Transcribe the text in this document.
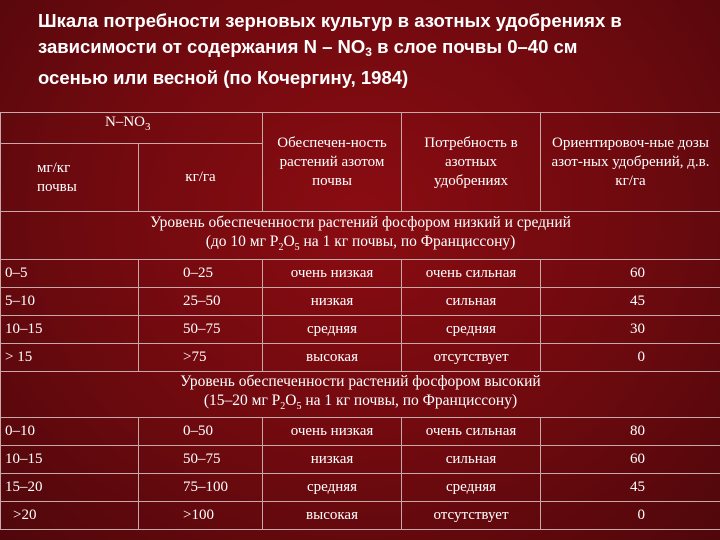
Шкала потребности зерновых культур в азотных удобрениях в
зависимости от содержания N – $NO_3$ в слое почвы 0–40 см
осенью или весной (по Кочергину, 1984)
$N-NO_3$		Обеспечен-ность растений азотом почвы	Потребность в азотных удобрениях	Ориентировоч-ные дозы азот-ных удобрений, д.в. кг/га
мг/кг почвы	кг/га			

Уровень обеспеченности растений фосфором низкий и средний
(до 10 мг $Р_2О_5$ на 1 кг почвы, по Франциссону)				

0–5	0–25	очень низкая	очень сильная	60
5–10	25–50	низкая	сильная	45
10–15	50–75	средняя	средняя	30
> 15	>75	высокая	отсутствует	0

Уровень обеспеченности растений фосфором высокий
(15–20 мг $Р_2О_5$ на 1 кг почвы, по Франциссону)				

0–10	0–50	очень низкая	очень сильная	80
10–15	50–75	низкая	сильная	60
15–20	75–100	средняя	средняя	45
>20	>100	высокая	отсутствует	0
